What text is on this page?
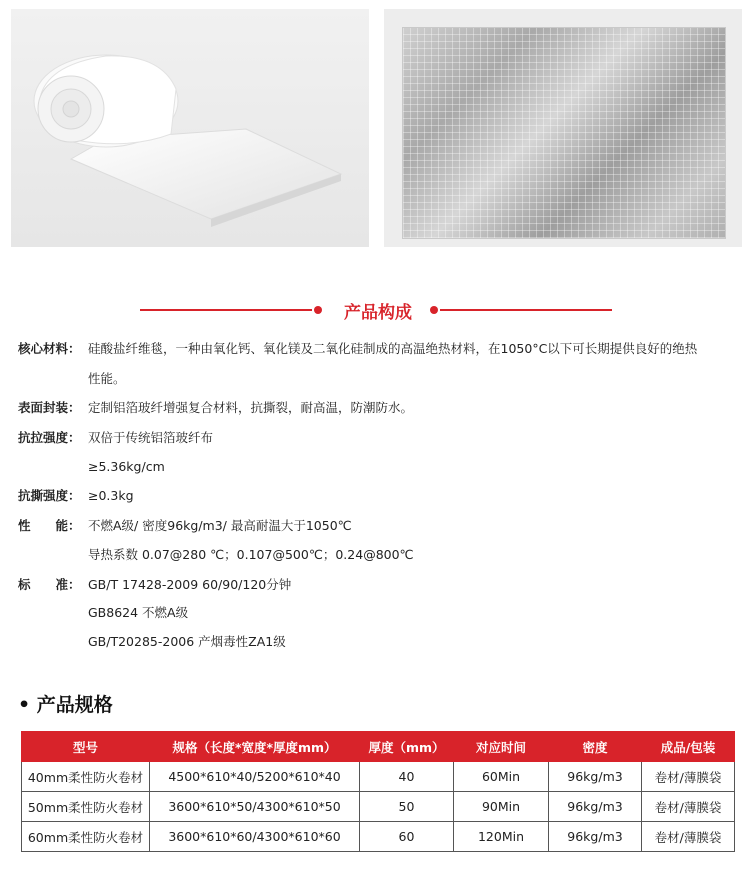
产品构成
核心材料： 硅酸盐纤维毯，一种由氧化钙、氧化镁及二氧化硅制成的高温绝热材料，在1050°C以下可长期提供良好的绝热
性能。
表面封装： 定制铝箔玻纤增强复合材料，抗撕裂，耐高温，防潮防水。
抗拉强度： 双倍于传统铝箔玻纤布
≥5.36kg/cm
抗撕强度： ≥0.3kg
性　　能： 不燃A级/ 密度96kg/m3/ 最高耐温大于1050℃
导热系数 0.07@280 ℃；0.107@500℃；0.24@800℃
标　　准： GB/T 17428-2009 60/90/120分钟
GB8624 不燃A级
GB/T20285-2006 产烟毒性ZA1级
• 产品规格
型号	规格（长度*宽度*厚度mm）	厚度（mm）	对应时间	密度	成品/包装
40mm柔性防火卷材	4500*610*40/5200*610*40	40	60Min	96kg/m3	卷材/薄膜袋
50mm柔性防火卷材	3600*610*50/4300*610*50	50	90Min	96kg/m3	卷材/薄膜袋
60mm柔性防火卷材	3600*610*60/4300*610*60	60	120Min	96kg/m3	卷材/薄膜袋
